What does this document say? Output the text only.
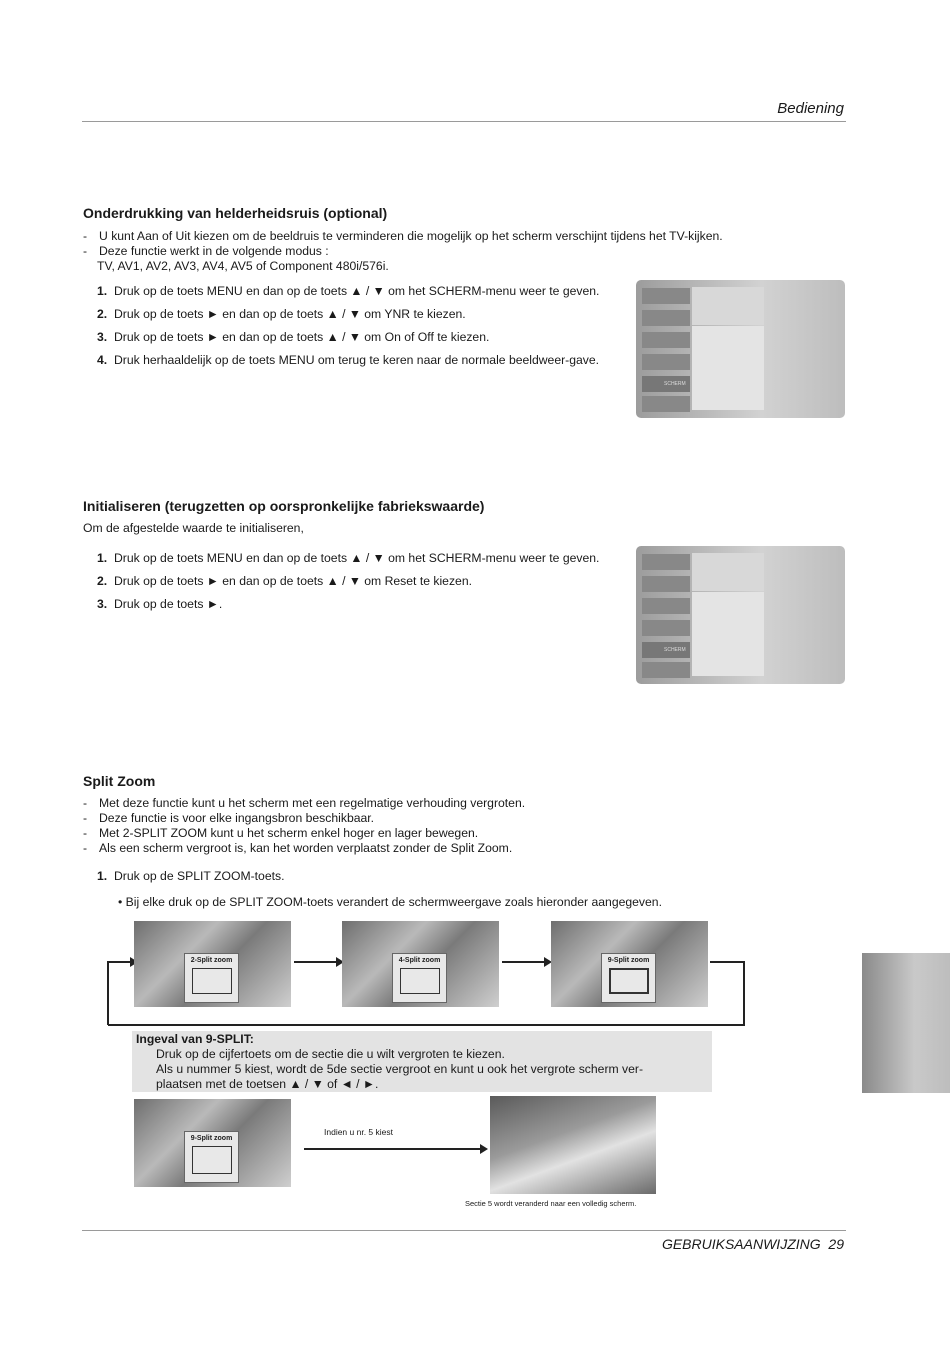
Bediening
Onderdrukking van helderheidsruis (optional)
- U kunt Aan of Uit kiezen om de beeldruis te verminderen die mogelijk op het scherm verschijnt tijdens het TV-kijken.
- Deze functie werkt in de volgende modus :
TV, AV1, AV2, AV3, AV4, AV5 of Component 480i/576i.
1. Druk op de toets MENU en dan op de toets ▲ / ▼ om het SCHERM-menu weer te geven.
2. Druk op de toets ► en dan op de toets ▲ / ▼ om YNR te kiezen.
3. Druk op de toets ► en dan op de toets ▲ / ▼ om On of Off te kiezen.
4. Druk herhaaldelijk op de toets MENU om terug te keren naar de normale beeldweer-gave.
SCHERM
Initialiseren (terugzetten op oorspronkelijke fabriekswaarde)
Om de afgestelde waarde te initialiseren,
1. Druk op de toets MENU en dan op de toets ▲ / ▼ om het SCHERM-menu weer te geven.
2. Druk op de toets ► en dan op de toets ▲ / ▼ om Reset te kiezen.
3. Druk op de toets ►.
SCHERM
Split Zoom
- Met deze functie kunt u het scherm met een regelmatige verhouding vergroten.
- Deze functie is voor elke ingangsbron beschikbaar.
- Met 2-SPLIT ZOOM kunt u het scherm enkel hoger en lager bewegen.
- Als een scherm vergroot is, kan het worden verplaatst zonder de Split Zoom.
1. Druk op de SPLIT ZOOM-toets.
• Bij elke druk op de SPLIT ZOOM-toets verandert de schermweergave zoals hieronder aangegeven.
2-Split zoom	4-Split zoom	9-Split zoom
Ingeval van 9-SPLIT:
Druk op de cijfertoets om de sectie die u wilt vergroten te kiezen.
Als u nummer 5 kiest, wordt de 5de sectie vergroot en kunt u ook het vergrote scherm ver-
plaatsen met de toetsen ▲ / ▼ of ◄ / ►.
9-Split zoom
Indien u nr. 5 kiest
Sectie 5 wordt veranderd naar een volledig scherm.
GEBRUIKSAANWIJZING 29
